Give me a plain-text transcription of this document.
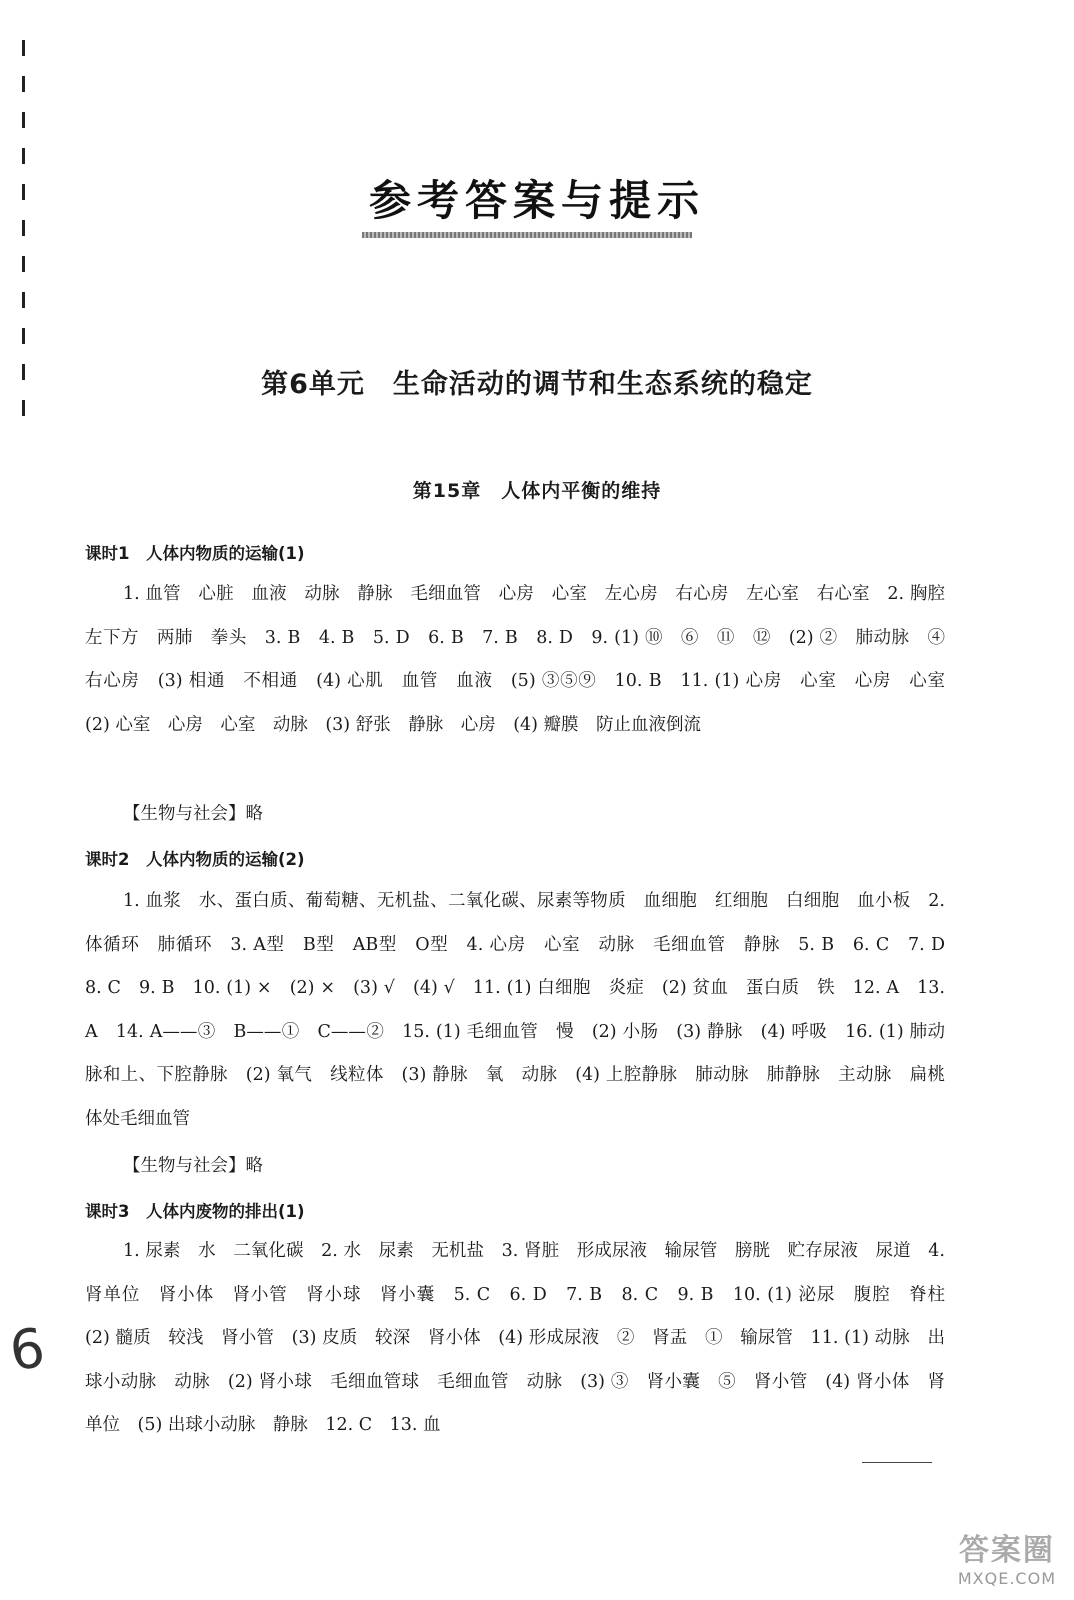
参考答案与提示
第6单元　生命活动的调节和生态系统的稳定
第15章　人体内平衡的维持
课时1　人体内物质的运输(1)

1. 血管　心脏　血液　动脉　静脉　毛细血管　心房　心室　左心房　右心房　左心室　右心室　2. 胸腔　左下方　两肺　拳头　3. B　4. B　5. D　6. B　7. B　8. D　9. (1) ⑩　⑥　⑪　⑫　(2) ②　肺动脉　④　右心房　(3) 相通　不相通　(4) 心肌　血管　血液　(5) ③⑤⑨　10. B　11. (1) 心房　心室　心房　心室　(2) 心室　心房　心室　动脉　(3) 舒张　静脉　心房　(4) 瓣膜　防止血液倒流

【生物与社会】略
课时2　人体内物质的运输(2)

1. 血浆　水、蛋白质、葡萄糖、无机盐、二氧化碳、尿素等物质　血细胞　红细胞　白细胞　血小板　2. 体循环　肺循环　3. A型　B型　AB型　O型　4. 心房　心室　动脉　毛细血管　静脉　5. B　6. C　7. D　8. C　9. B　10. (1) ×　(2) ×　(3) √　(4) √　11. (1) 白细胞　炎症　(2) 贫血　蛋白质　铁　12. A　13. A　14. A——③　B——①　C——②　15. (1) 毛细血管　慢　(2) 小肠　(3) 静脉　(4) 呼吸　16. (1) 肺动脉和上、下腔静脉　(2) 氧气　线粒体　(3) 静脉　氧　动脉　(4) 上腔静脉　肺动脉　肺静脉　主动脉　扁桃体处毛细血管

【生物与社会】略
课时3　人体内废物的排出(1)

1. 尿素　水　二氧化碳　2. 水　尿素　无机盐　3. 肾脏　形成尿液　输尿管　膀胱　贮存尿液　尿道　4. 肾单位　肾小体　肾小管　肾小球　肾小囊　5. C　6. D　7. B　8. C　9. B　10. (1) 泌尿　腹腔　脊柱　(2) 髓质　较浅　肾小管　(3) 皮质　较深　肾小体　(4) 形成尿液　②　肾盂　①　输尿管　11. (1) 动脉　出球小动脉　动脉　(2) 肾小球　毛细血管球　毛细血管　动脉　(3) ③　肾小囊　⑤　肾小管　(4) 肾小体　肾单位　(5) 出球小动脉　静脉　12. C　13. 血

6
答案圈
MXQE.COM
